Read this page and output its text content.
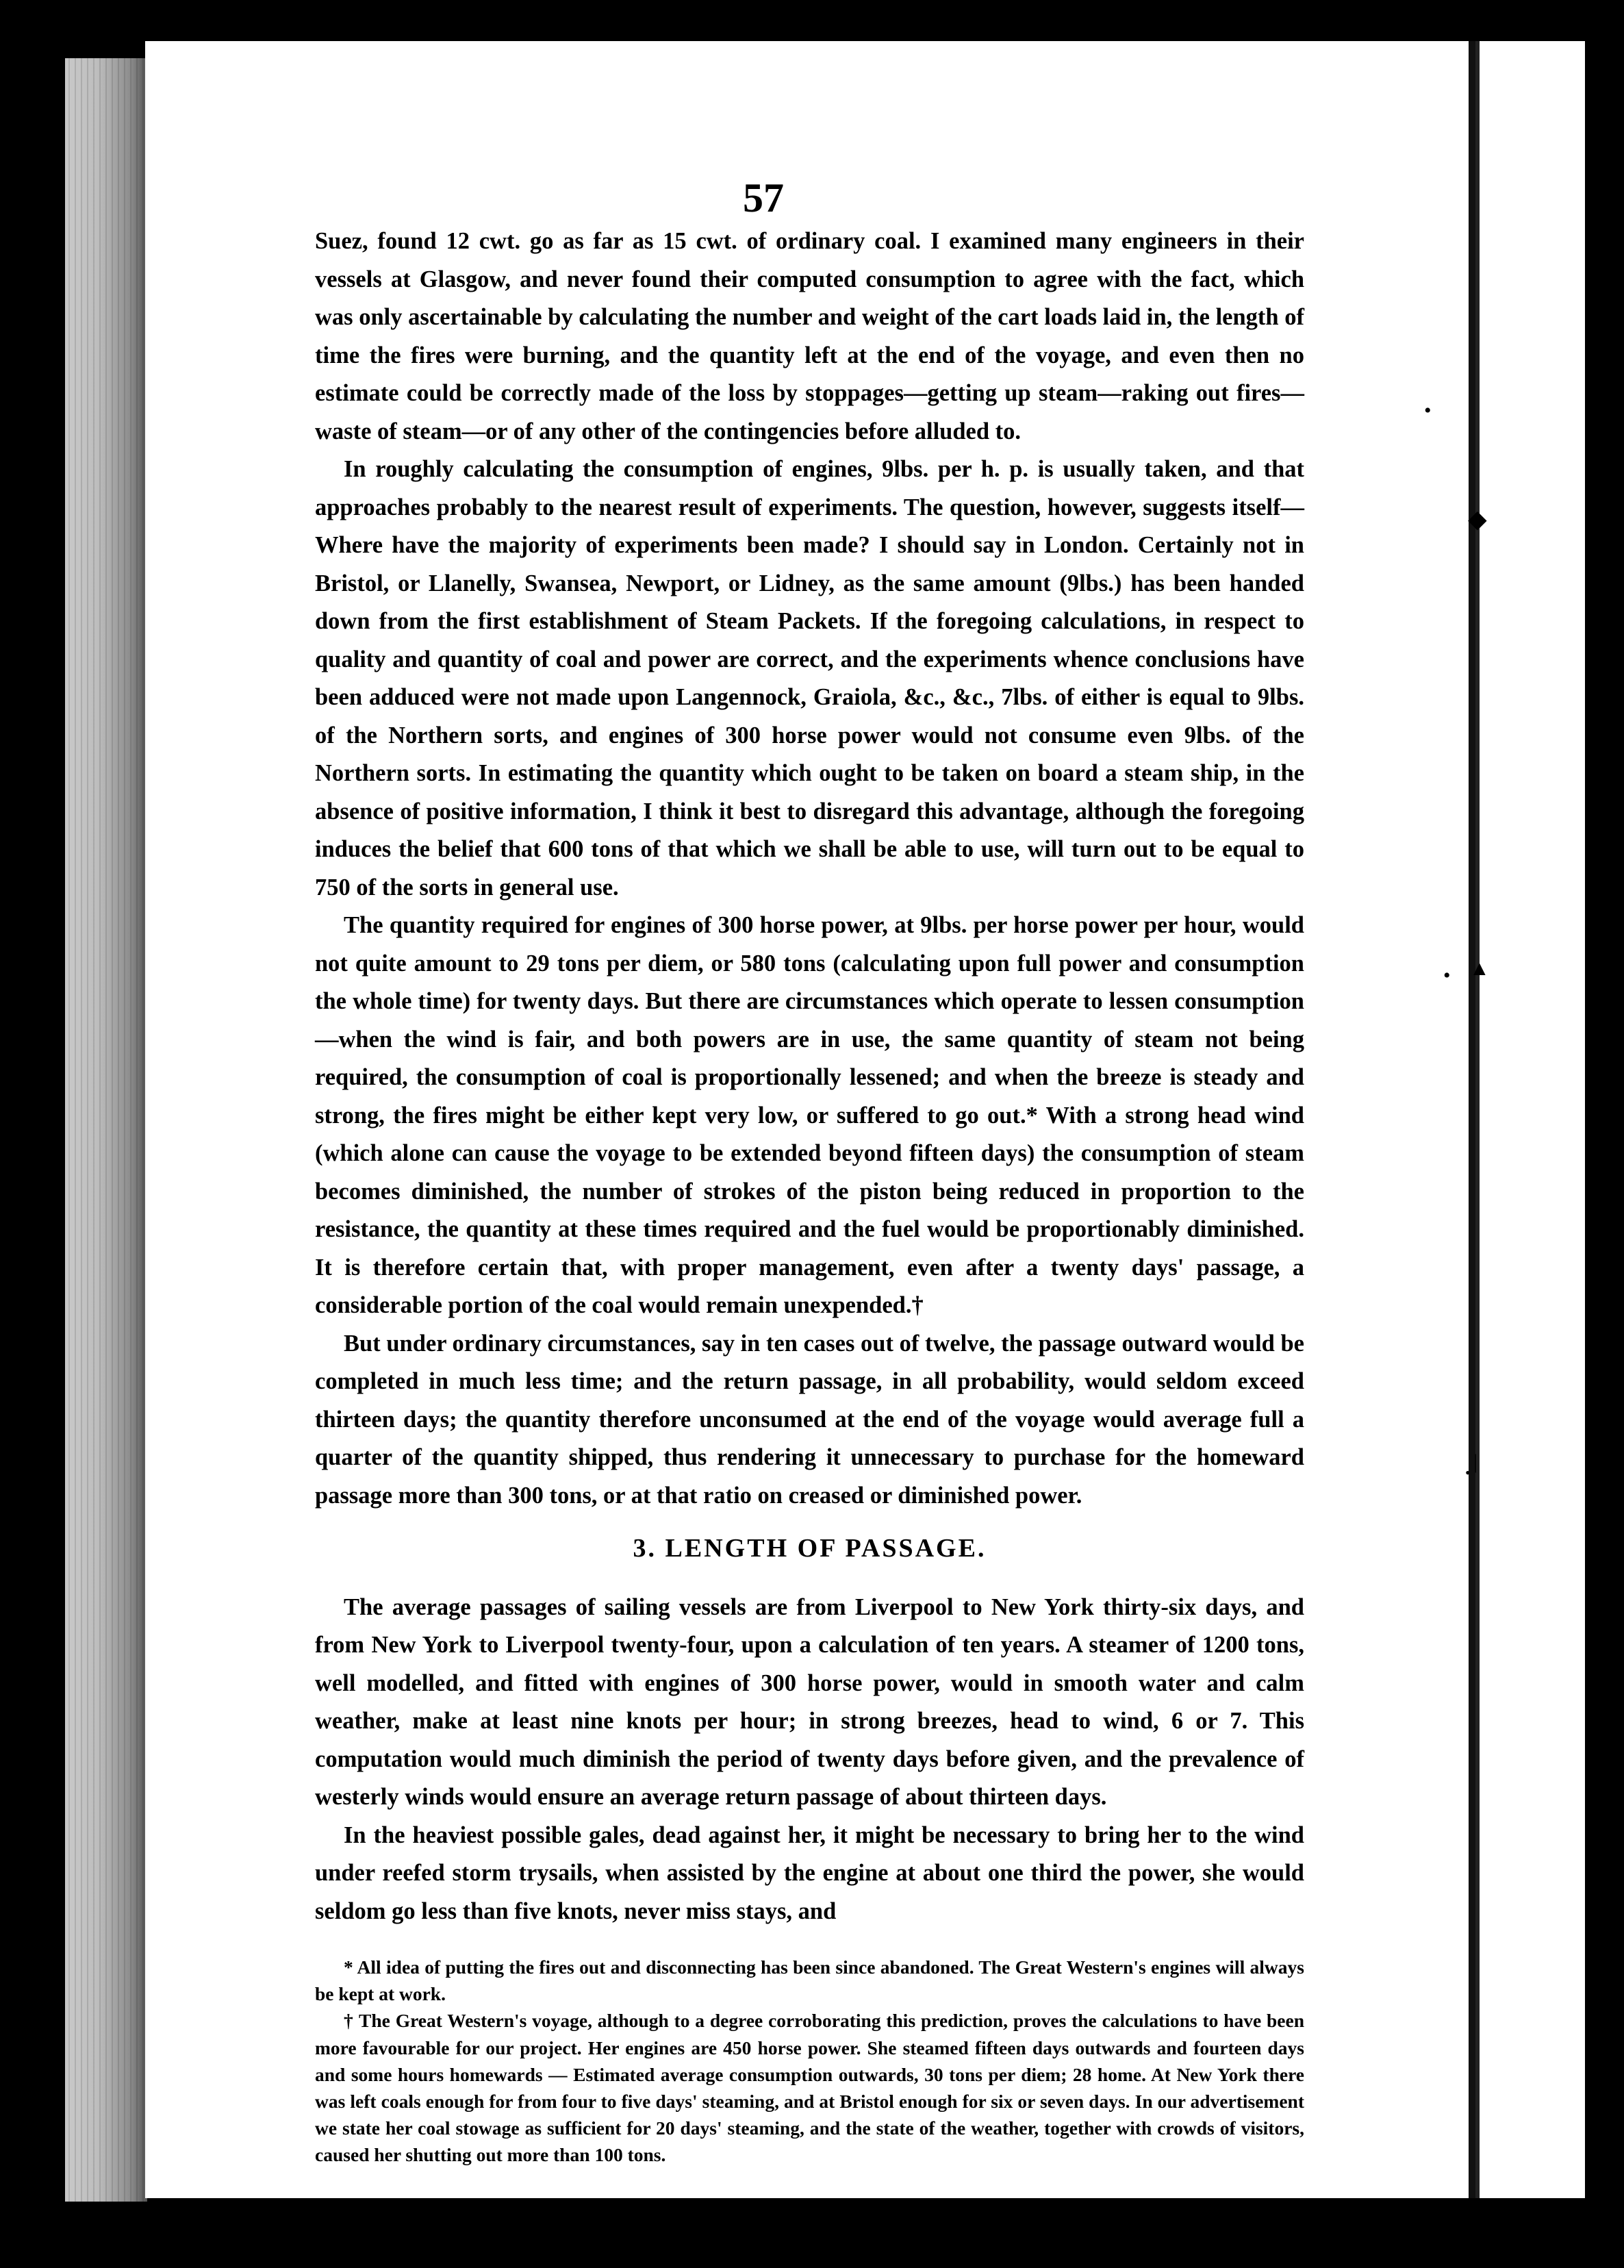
•
•
◆
▲
|
•
57

Suez, found 12 cwt. go as far as 15 cwt. of ordinary coal. I examined many engineers in their vessels at Glasgow, and never found their computed consumption to agree with the fact, which was only ascertainable by calculating the number and weight of the cart loads laid in, the length of time the fires were burning, and the quantity left at the end of the voyage, and even then no estimate could be correctly made of the loss by stoppages—getting up steam—raking out fires—waste of steam—or of any other of the contingencies before alluded to.

In roughly calculating the consumption of engines, 9lbs. per h. p. is usually taken, and that approaches probably to the nearest result of experiments. The question, however, suggests itself—Where have the majority of experiments been made? I should say in London. Certainly not in Bristol, or Llanelly, Swansea, Newport, or Lidney, as the same amount (9lbs.) has been handed down from the first establishment of Steam Packets. If the foregoing calculations, in respect to quality and quantity of coal and power are correct, and the experiments whence conclusions have been adduced were not made upon Langennock, Graiola, &c., &c., 7lbs. of either is equal to 9lbs. of the Northern sorts, and engines of 300 horse power would not consume even 9lbs. of the Northern sorts. In estimating the quantity which ought to be taken on board a steam ship, in the absence of positive information, I think it best to disregard this advantage, although the foregoing induces the belief that 600 tons of that which we shall be able to use, will turn out to be equal to 750 of the sorts in general use.

The quantity required for engines of 300 horse power, at 9lbs. per horse power per hour, would not quite amount to 29 tons per diem, or 580 tons (calculating upon full power and consumption the whole time) for twenty days. But there are circumstances which operate to lessen consumption—when the wind is fair, and both powers are in use, the same quantity of steam not being required, the consumption of coal is proportionally lessened; and when the breeze is steady and strong, the fires might be either kept very low, or suffered to go out.* With a strong head wind (which alone can cause the voyage to be extended beyond fifteen days) the consumption of steam becomes diminished, the number of strokes of the piston being reduced in proportion to the resistance, the quantity at these times required and the fuel would be proportionably diminished. It is therefore certain that, with proper management, even after a twenty days' passage, a considerable portion of the coal would remain unexpended.†

But under ordinary circumstances, say in ten cases out of twelve, the passage outward would be completed in much less time; and the return passage, in all probability, would seldom exceed thirteen days; the quantity therefore unconsumed at the end of the voyage would average full a quarter of the quantity shipped, thus rendering it unnecessary to purchase for the homeward passage more than 300 tons, or at that ratio on creased or diminished power.

3. LENGTH OF PASSAGE.

The average passages of sailing vessels are from Liverpool to New York thirty-six days, and from New York to Liverpool twenty-four, upon a calculation of ten years. A steamer of 1200 tons, well modelled, and fitted with engines of 300 horse power, would in smooth water and calm weather, make at least nine knots per hour; in strong breezes, head to wind, 6 or 7. This computation would much diminish the period of twenty days before given, and the prevalence of westerly winds would ensure an average return passage of about thirteen days.

In the heaviest possible gales, dead against her, it might be necessary to bring her to the wind under reefed storm trysails, when assisted by the engine at about one third the power, she would seldom go less than five knots, never miss stays, and

* All idea of putting the fires out and disconnecting has been since abandoned. The Great Western's engines will always be kept at work.

† The Great Western's voyage, although to a degree corroborating this prediction, proves the calculations to have been more favourable for our project. Her engines are 450 horse power. She steamed fifteen days outwards and fourteen days and some hours homewards — Estimated average consumption outwards, 30 tons per diem; 28 home. At New York there was left coals enough for from four to five days' steaming, and at Bristol enough for six or seven days. In our advertisement we state her coal stowage as sufficient for 20 days' steaming, and the state of the weather, together with crowds of visitors, caused her shutting out more than 100 tons.
